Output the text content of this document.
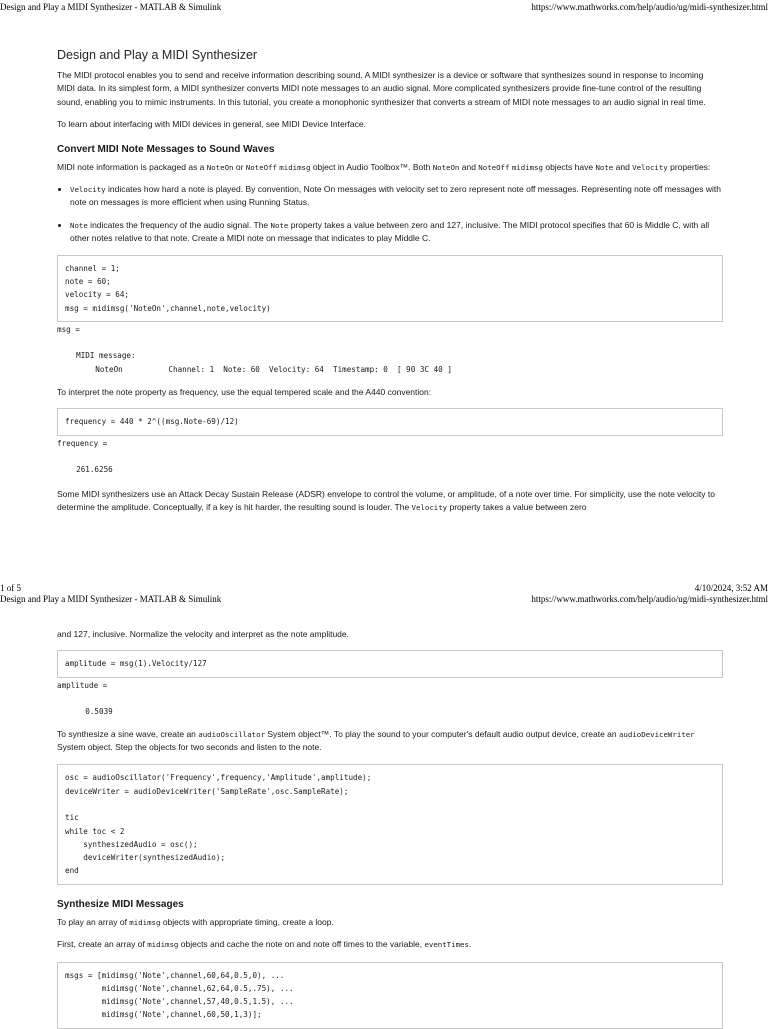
Design and Play a MIDI Synthesizer - MATLAB & Simulink	https://www.mathworks.com/help/audio/ug/midi-synthesizer.html
Design and Play a MIDI Synthesizer

The MIDI protocol enables you to send and receive information describing sound. A MIDI synthesizer is a device or software that synthesizes sound in response to incoming MIDI data. In its simplest form, a MIDI synthesizer converts MIDI note messages to an audio signal. More complicated synthesizers provide fine-tune control of the resulting sound, enabling you to mimic instruments. In this tutorial, you create a monophonic synthesizer that converts a stream of MIDI note messages to an audio signal in real time.

To learn about interfacing with MIDI devices in general, see MIDI Device Interface.

Convert MIDI Note Messages to Sound Waves

MIDI note information is packaged as a NoteOn or NoteOff midimsg object in Audio Toolbox™. Both NoteOn and NoteOff midimsg objects have Note and Velocity properties:

• Velocity indicates how hard a note is played. By convention, Note On messages with velocity set to zero represent note off messages. Representing note off messages with note on messages is more efficient when using Running Status.
• Note indicates the frequency of the audio signal. The Note property takes a value between zero and 127, inclusive. The MIDI protocol specifies that 60 is Middle C, with all other notes relative to that note. Create a MIDI note on message that indicates to play Middle C.
channel = 1;
note = 60;
velocity = 64;
msg = midimsg('NoteOn',channel,note,velocity)
msg =

MIDI message:
NoteOn          Channel: 1  Note: 60  Velocity: 64  Timestamp: 0  [ 90 3C 40 ]

To interpret the note property as frequency, use the equal tempered scale and the A440 convention:

frequency = 440 * 2^((msg.Note-69)/12)
frequency =

261.6256

Some MIDI synthesizers use an Attack Decay Sustain Release (ADSR) envelope to control the volume, or amplitude, of a note over time. For simplicity, use the note velocity to determine the amplitude. Conceptually, if a key is hit harder, the resulting sound is louder. The Velocity property takes a value between zero

1 of 5	4/10/2024, 3:52 AM
Design and Play a MIDI Synthesizer - MATLAB & Simulink	https://www.mathworks.com/help/audio/ug/midi-synthesizer.html

and 127, inclusive. Normalize the velocity and interpret as the note amplitude.

amplitude = msg(1).Velocity/127
amplitude =

0.5039

To synthesize a sine wave, create an audioOscillator System object™. To play the sound to your computer's default audio output device, create an audioDeviceWriter System object. Step the objects for two seconds and listen to the note.

osc = audioOscillator('Frequency',frequency,'Amplitude',amplitude);
deviceWriter = audioDeviceWriter('SampleRate',osc.SampleRate);

tic
while toc < 2
synthesizedAudio = osc();
deviceWriter(synthesizedAudio);
end
Synthesize MIDI Messages

To play an array of midimsg objects with appropriate timing, create a loop.

First, create an array of midimsg objects and cache the note on and note off times to the variable, eventTimes.

msgs = [midimsg('Note',channel,60,64,0.5,0), ...
midimsg('Note',channel,62,64,0.5,.75), ...
midimsg('Note',channel,57,40,0.5,1.5), ...
midimsg('Note',channel,60,50,1,3)];
